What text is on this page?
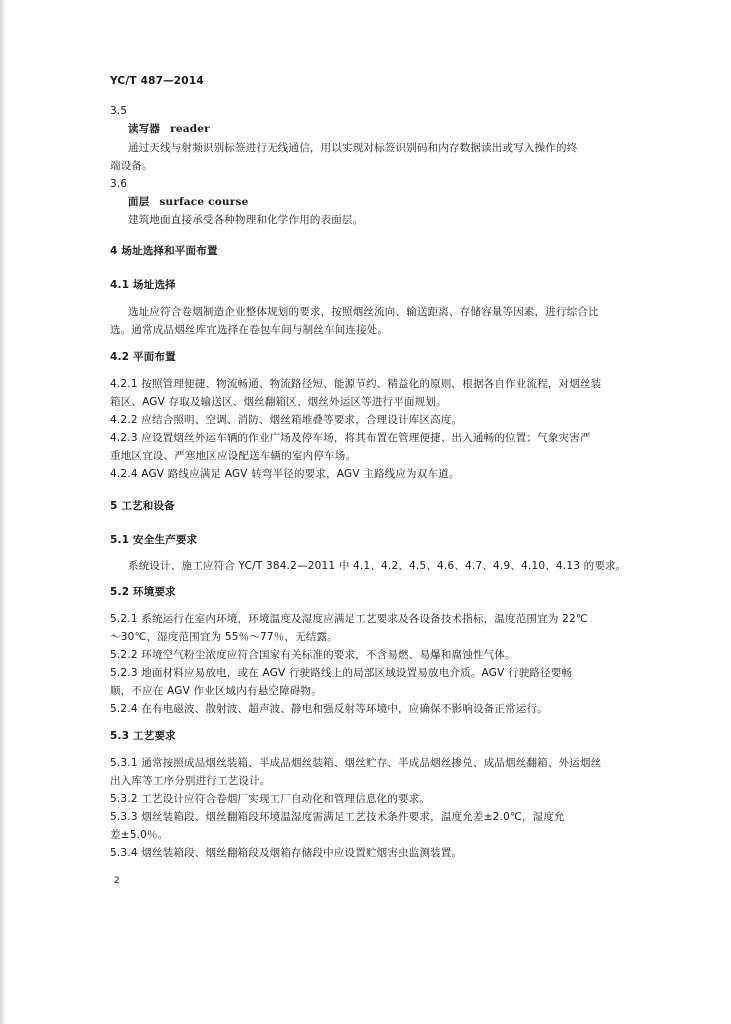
YC/T 487—2014

3.5

读写器 reader

通过天线与射频识别标签进行无线通信，用以实现对标签识别码和内存数据读出或写入操作的终

端设备。

3.6

面层 surface course

建筑地面直接承受各种物理和化学作用的表面层。

4 场址选择和平面布置

4.1 场址选择

选址应符合卷烟制造企业整体规划的要求，按照烟丝流向、输送距离、存储容量等因素，进行综合比

选。通常成品烟丝库宜选择在卷包车间与制丝车间连接处。

4.2 平面布置

4.2.1 按照管理便捷、物流畅通、物流路径短、能源节约、精益化的原则，根据各自作业流程，对烟丝装

箱区、AGV 存取及输送区、烟丝翻箱区、烟丝外运区等进行平面规划。

4.2.2 应结合照明、空调、消防、烟丝箱堆叠等要求，合理设计库区高度。

4.2.3 应设置烟丝外运车辆的作业广场及停车场，将其布置在管理便捷、出入通畅的位置；气象灾害严

重地区宜设、严寒地区应设配送车辆的室内停车场。

4.2.4 AGV 路线应满足 AGV 转弯半径的要求，AGV 主路线应为双车道。

5 工艺和设备

5.1 安全生产要求

系统设计、施工应符合 YC/T 384.2—2011 中 4.1、4.2、4.5、4.6、4.7、4.9、4.10、4.13 的要求。

5.2 环境要求

5.2.1 系统运行在室内环境，环境温度及湿度应满足工艺要求及各设备技术指标，温度范围宜为 22℃

～30℃，湿度范围宜为 55％～77％，无结露。

5.2.2 环境空气粉尘浓度应符合国家有关标准的要求，不含易燃、易爆和腐蚀性气体。

5.2.3 地面材料应易放电，或在 AGV 行驶路线上的局部区域设置易放电介质。AGV 行驶路径要畅

顺，不应在 AGV 作业区域内有悬空障碍物。

5.2.4 在有电磁波、散射波、超声波、静电和强反射等环境中，应确保不影响设备正常运行。

5.3 工艺要求

5.3.1 通常按照成品烟丝装箱、半成品烟丝装箱、烟丝贮存、半成品烟丝掺兑、成品烟丝翻箱、外运烟丝

出入库等工序分别进行工艺设计。

5.3.2 工艺设计应符合卷烟厂实现工厂自动化和管理信息化的要求。

5.3.3 烟丝装箱段、烟丝翻箱段环境温湿度需满足工艺技术条件要求，温度允差±2.0℃，湿度允

差±5.0％。

5.3.4 烟丝装箱段、烟丝翻箱段及烟箱存储段中应设置贮烟害虫监测装置。

2
